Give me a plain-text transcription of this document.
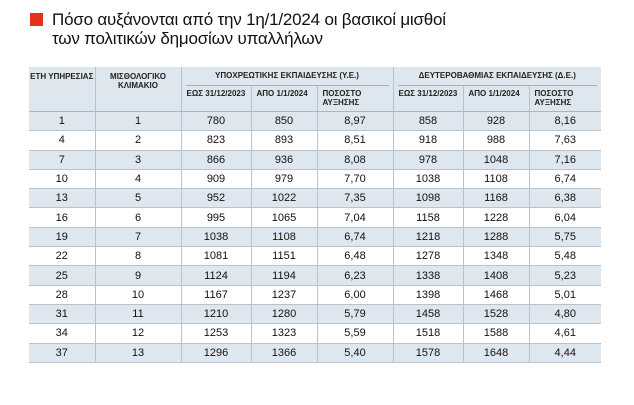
Πόσο αυξάνονται από την 1η/1/2024 οι βασικοί μισθοί
των πολιτικών δημοσίων υπαλλήλων
ΕΤΗ ΥΠΗΡΕΣΙΑΣ	ΜΙΣΘΟΛΟΓΙΚΟ ΚΛΙΜΑΚΙΟ	ΥΠΟΧΡΕΩΤΙΚΗΣ ΕΚΠΑΙΔΕΥΣΗΣ (Υ.Ε.)			ΔΕΥΤΕΡΟΒΑΘΜΙΑΣ ΕΚΠΑΙΔΕΥΣΗΣ (Δ.Ε.)		

		ΕΩΣ 31/12/2023	ΑΠΟ 1/1/2024	ΠΟΣΟΣΤΟ ΑΥΞΗΣΗΣ	ΕΩΣ 31/12/2023	ΑΠΟ 1/1/2024	ΠΟΣΟΣΤΟ ΑΥΞΗΣΗΣ
1	1	780	850	8,97	858	928	8,16
4	2	823	893	8,51	918	988	7,63
7	3	866	936	8,08	978	1048	7,16
10	4	909	979	7,70	1038	1108	6,74
13	5	952	1022	7,35	1098	1168	6,38
16	6	995	1065	7,04	1158	1228	6,04
19	7	1038	1108	6,74	1218	1288	5,75
22	8	1081	1151	6,48	1278	1348	5,48
25	9	1124	1194	6,23	1338	1408	5,23
28	10	1167	1237	6,00	1398	1468	5,01
31	11	1210	1280	5,79	1458	1528	4,80
34	12	1253	1323	5,59	1518	1588	4,61
37	13	1296	1366	5,40	1578	1648	4,44
